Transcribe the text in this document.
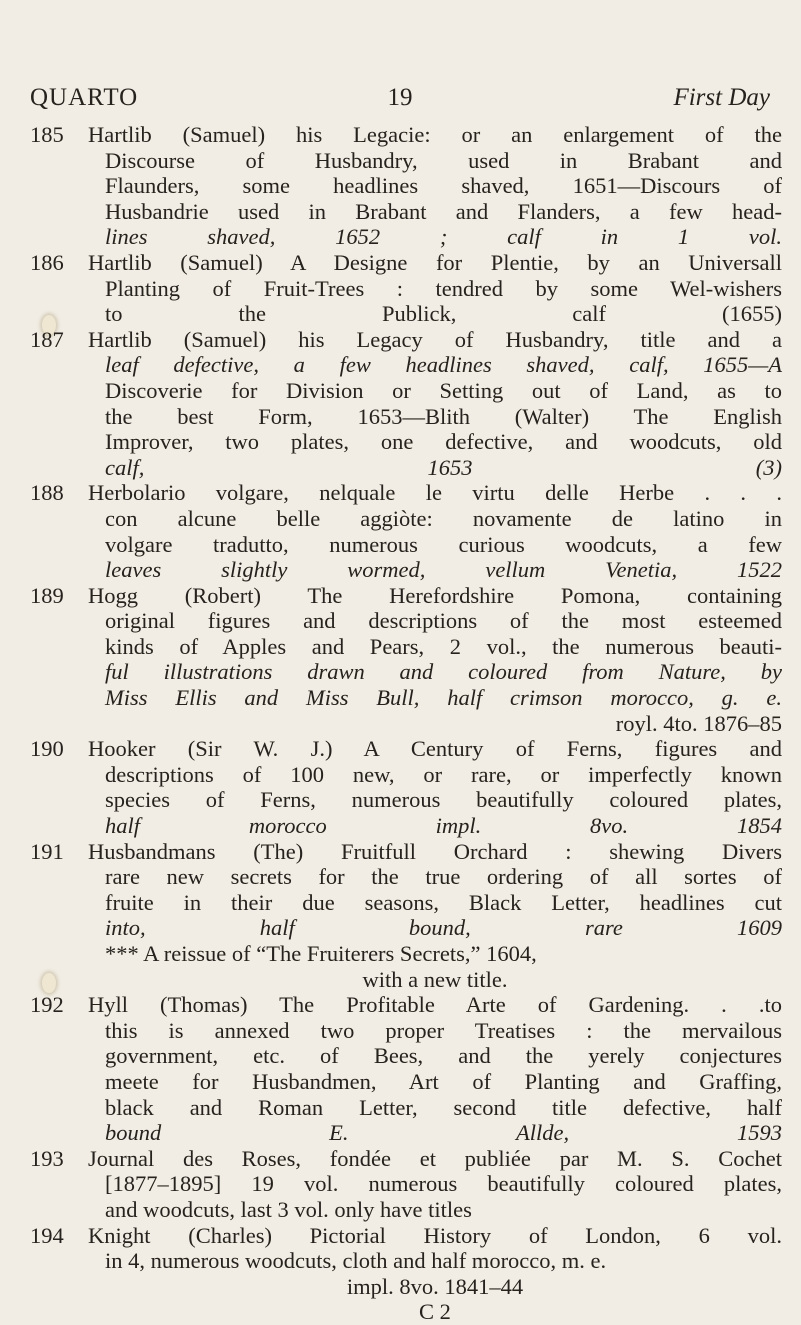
QUARTO	19	First Day
185 Hartlib (Samuel) his Legacie: or an enlargement of the
Discourse of Husbandry, used in Brabant and
Flaunders, some headlines shaved, 1651—Discours of
Husbandrie used in Brabant and Flanders, a few head-
lines shaved, 1652 ; calf in 1 vol.
186 Hartlib (Samuel) A Designe for Plentie, by an Universall
Planting of Fruit-Trees : tendred by some Wel-wishers
to the Publick, calf (1655)
187 Hartlib (Samuel) his Legacy of Husbandry, title and a
leaf defective, a few headlines shaved, calf, 1655—A
Discoverie for Division or Setting out of Land, as to
the best Form, 1653—Blith (Walter) The English
Improver, two plates, one defective, and woodcuts, old
calf, 1653 (3)
188 Herbolario volgare, nelquale le virtu delle Herbe . . .
con alcune belle aggiòte: novamente de latino in
volgare tradutto, numerous curious woodcuts, a few
leaves slightly wormed, vellum Venetia, 1522
189 Hogg (Robert) The Herefordshire Pomona, containing
original figures and descriptions of the most esteemed
kinds of Apples and Pears, 2 vol., the numerous beauti-
ful illustrations drawn and coloured from Nature, by
Miss Ellis and Miss Bull, half crimson morocco, g. e.
royl. 4to. 1876–85
190 Hooker (Sir W. J.) A Century of Ferns, figures and
descriptions of 100 new, or rare, or imperfectly known
species of Ferns, numerous beautifully coloured plates,
half morocco impl. 8vo. 1854
191 Husbandmans (The) Fruitfull Orchard : shewing Divers
rare new secrets for the true ordering of all sortes of
fruite in their due seasons, Black Letter, headlines cut
into, half bound, rare 1609
*** A reissue of “The Fruiterers Secrets,” 1604,
with a new title.
192 Hyll (Thomas) The Profitable Arte of Gardening. . .to
this is annexed two proper Treatises : the mervailous
government, etc. of Bees, and the yerely conjectures
meete for Husbandmen, Art of Planting and Graffing,
black and Roman Letter, second title defective, half
bound E. Allde, 1593
193 Journal des Roses, fondée et publiée par M. S. Cochet
[1877–1895] 19 vol. numerous beautifully coloured plates,
and woodcuts, last 3 vol. only have titles
194 Knight (Charles) Pictorial History of London, 6 vol.
in 4, numerous woodcuts, cloth and half morocco, m. e.
impl. 8vo. 1841–44
C 2
